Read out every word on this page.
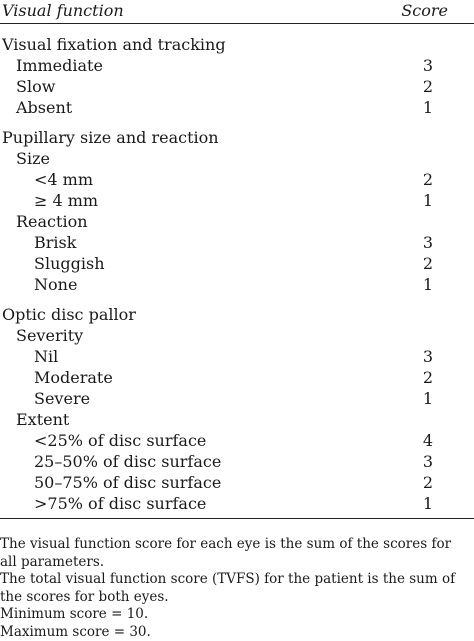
Visual function	Score
Visual fixation and tracking
Immediate	3
Slow	2
Absent	1
Pupillary size and reaction
Size
<4 mm	2
≥ 4 mm	1
Reaction
Brisk	3
Sluggish	2
None	1
Optic disc pallor
Severity
Nil	3
Moderate	2
Severe	1
Extent
<25% of disc surface	4
25–50% of disc surface	3
50–75% of disc surface	2
>75% of disc surface	1

The visual function score for each eye is the sum of the scores for all parameters.

The total visual function score (TVFS) for the patient is the sum of the scores for both eyes.

Minimum score = 10.

Maximum score = 30.
